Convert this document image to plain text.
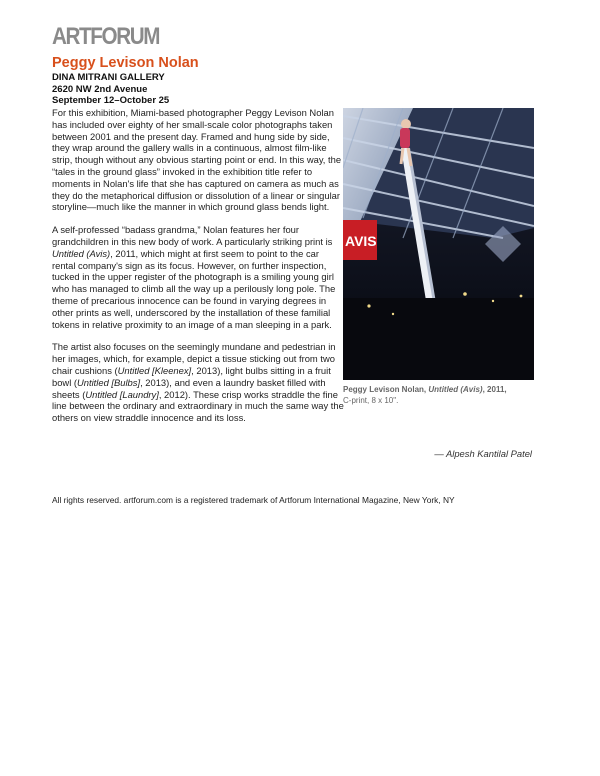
ARTFORUM
Peggy Levison Nolan
DINA MITRANI GALLERY
2620 NW 2nd Avenue
September 12–October 25

For this exhibition, Miami-based photographer Peggy Levison Nolan has included over eighty of her small-scale color photographs taken between 2001 and the present day. Framed and hung side by side, they wrap around the gallery walls in a continuous, almost film-like strip, though without any obvious starting point or end. In this way, the “tales in the ground glass” invoked in the exhibition title refer to moments in Nolan's life that she has captured on camera as much as they do the metaphorical diffusion or dissolution of a linear or singular storyline—much like the manner in which ground glass bends light.

A self-professed “badass grandma,” Nolan features her four grandchildren in this new body of work. A particularly striking print is Untitled (Avis), 2011, which might at first seem to point to the car rental company's sign as its focus. However, on further inspection, tucked in the upper register of the photograph is a smiling young girl who has managed to climb all the way up a perilously long pole. The theme of precarious innocence can be found in varying degrees in other prints as well, underscored by the installation of these familial tokens in relative proximity to an image of a man sleeping in a park.

The artist also focuses on the seemingly mundane and pedestrian in her images, which, for example, depict a tissue sticking out from two chair cushions (Untitled [Kleenex], 2013), light bulbs sitting in a fruit bowl (Untitled [Bulbs], 2013), and even a laundry basket filled with sheets (Untitled [Laundry], 2012). These crisp works straddle the fine line between the ordinary and extraordinary in much the same way the others on view straddle innocence and its loss.

AVIS
Peggy Levison Nolan, Untitled (Avis), 2011,
C-print, 8 x 10".
— Alpesh Kantilal Patel
All rights reserved. artforum.com is a registered trademark of Artforum International Magazine, New York, NY
